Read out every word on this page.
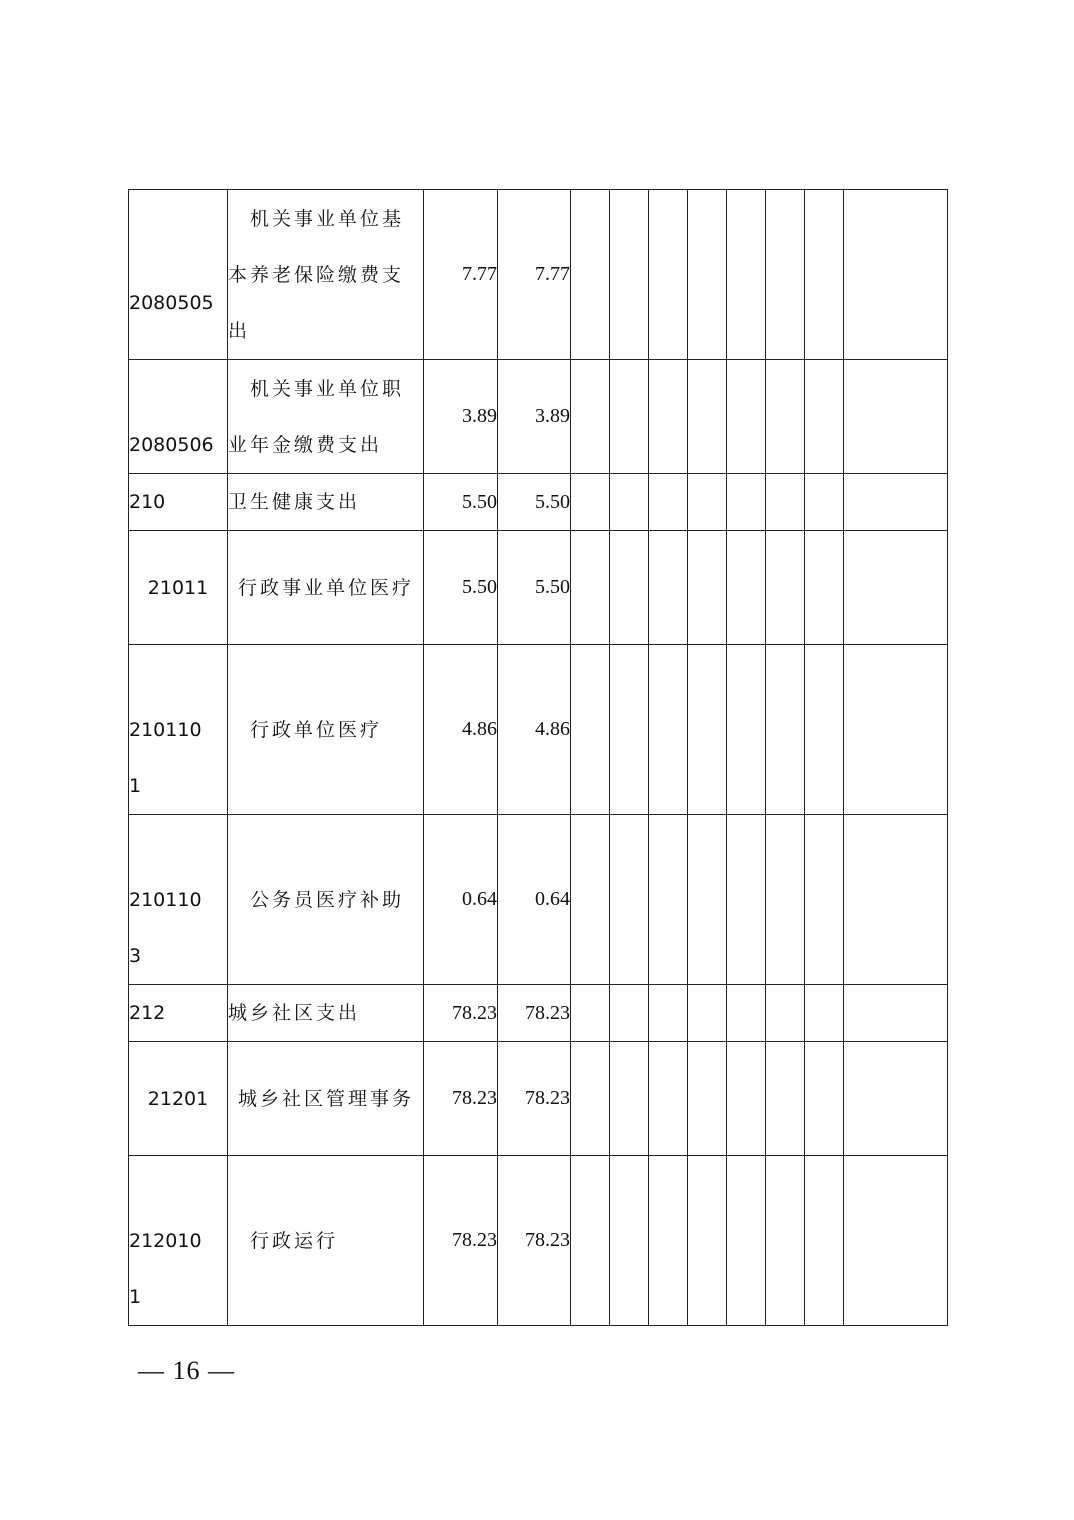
2080505	机关事业单位基本养老保险缴费支出	7.77	7.77								

2080506	机关事业单位职业年金缴费支出	3.89	3.89								
210	卫生健康支出	5.50	5.50								
21011	行政事业单位医疗	5.50	5.50								

2101101	行政单位医疗	4.86	4.86								

2101103	公务员医疗补助	0.64	0.64								
212	城乡社区支出	78.23	78.23								
21201	城乡社区管理事务	78.23	78.23								

2120101	行政运行	78.23	78.23								
— 16 —
